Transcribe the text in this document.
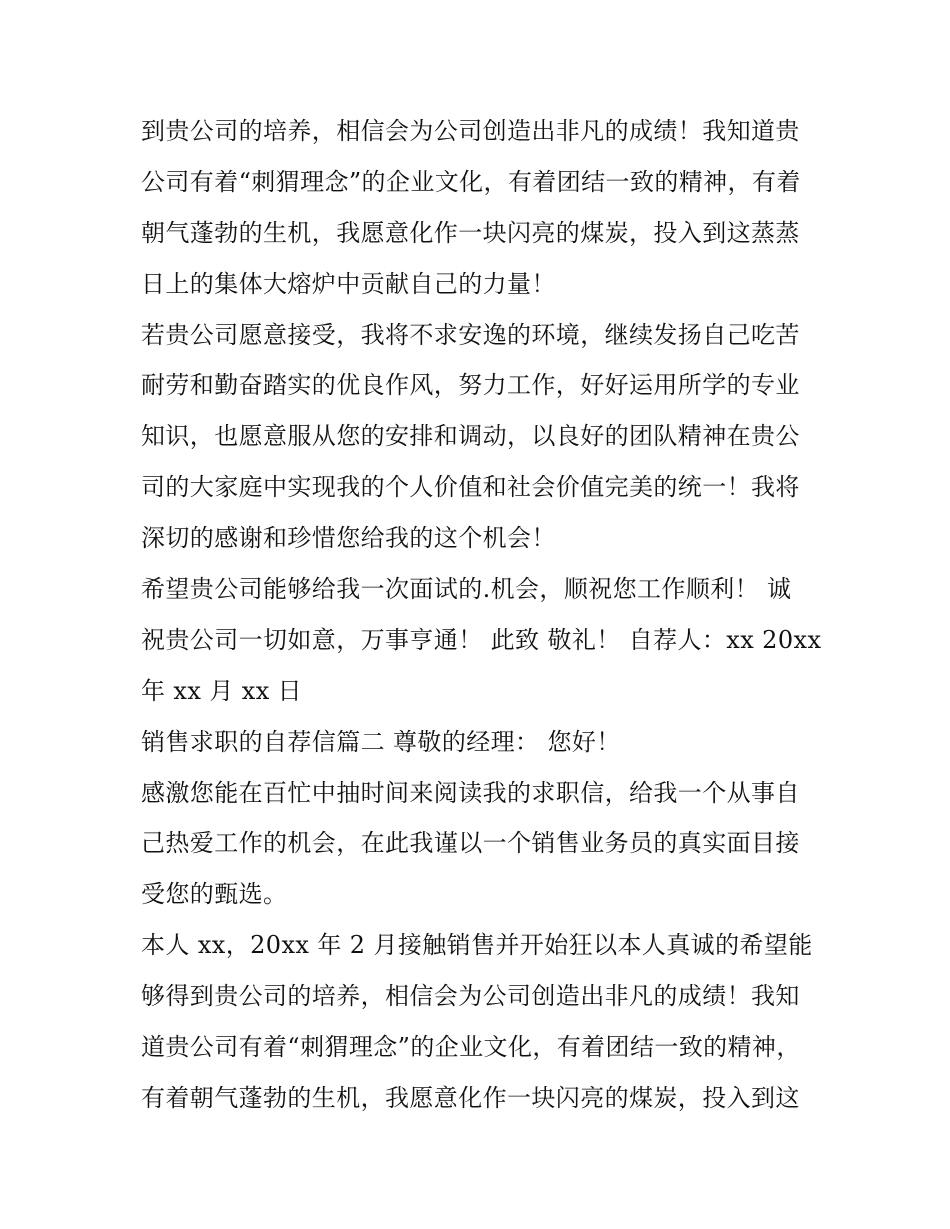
到贵公司的培养，相信会为公司创造出非凡的成绩！我知道贵
公司有着“刺猬理念”的企业文化，有着团结一致的精神，有着
朝气蓬勃的生机，我愿意化作一块闪亮的煤炭，投入到这蒸蒸
日上的集体大熔炉中贡献自己的力量！
若贵公司愿意接受，我将不求安逸的环境，继续发扬自己吃苦
耐劳和勤奋踏实的优良作风，努力工作，好好运用所学的专业
知识，也愿意服从您的安排和调动，以良好的团队精神在贵公
司的大家庭中实现我的个人价值和社会价值完美的统一！我将
深切的感谢和珍惜您给我的这个机会！
希望贵公司能够给我一次面试的.机会，顺祝您工作顺利！ 诚
祝贵公司一切如意，万事亨通！ 此致 敬礼！ 自荐人：xx 20xx
年 xx 月 xx 日
销售求职的自荐信篇二 尊敬的经理： 您好！
感激您能在百忙中抽时间来阅读我的求职信，给我一个从事自
己热爱工作的机会，在此我谨以一个销售业务员的真实面目接
受您的甄选。
本人 xx，20xx 年 2 月接触销售并开始狂以本人真诚的希望能
够得到贵公司的培养，相信会为公司创造出非凡的成绩！我知
道贵公司有着“刺猬理念”的企业文化，有着团结一致的精神，
有着朝气蓬勃的生机，我愿意化作一块闪亮的煤炭，投入到这
